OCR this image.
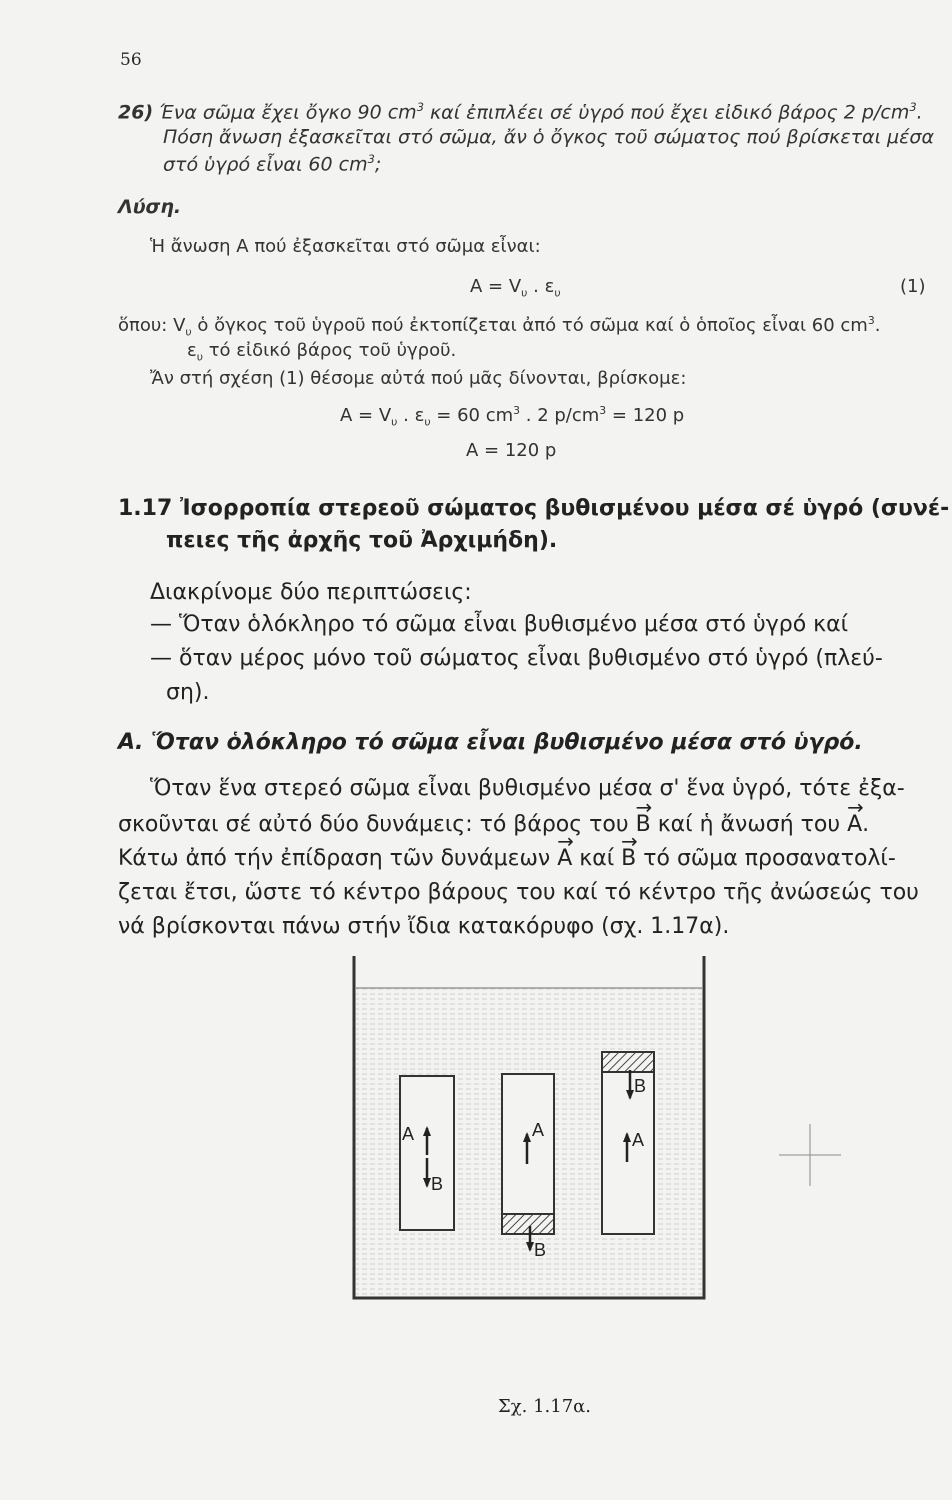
56
26) Ένα σῶμα ἔχει ὄγκο 90 $cm^3$ καί ἐπιπλέει σέ ὑγρό πού ἔχει εἰδικό βάρος 2 $p/cm^3$.
Πόση ἄνωση ἐξασκεῖται στό σῶμα, ἄν ὁ ὄγκος τοῦ σώματος πού βρίσκεται μέσα
στό ὑγρό εἶναι 60 $cm^3$;
Λύση.
Ἡ ἄνωση Α πού ἐξασκεῖται στό σῶμα εἶναι:
$A = V_\upsilon$ . $\varepsilon_\upsilon$	(1)
ὅπου: $V_\upsilon$ ὁ ὄγκος τοῦ ὑγροῦ πού ἐκτοπίζεται ἀπό τό σῶμα καί ὁ ὁποῖος εἶναι 60 $cm^3$.
$\varepsilon_\upsilon$ τό εἰδικό βάρος τοῦ ὑγροῦ.
Ἄν στή σχέση (1) θέσομε αὐτά πού μᾶς δίνονται, βρίσκομε:
$A = V_\upsilon$ . $\varepsilon_\upsilon = 60$ $cm^3$ . 2 $p/cm^3 = 120$ p
A = 120 p
1.17 Ἰσορροπία στερεοῦ σώματος βυθισμένου μέσα σέ ὑγρό (συνέ-
πειες τῆς ἀρχῆς τοῦ Ἀρχιμήδη).
Διακρίνομε δύο περιπτώσεις:
— Ὅταν ὁλόκληρο τό σῶμα εἶναι βυθισμένο μέσα στό ὑγρό καί
— ὅταν μέρος μόνο τοῦ σώματος εἶναι βυθισμένο στό ὑγρό (πλεύ-
ση).
Α. Ὅταν ὁλόκληρο τό σῶμα εἶναι βυθισμένο μέσα στό ὑγρό.
Ὅταν ἕνα στερεό σῶμα εἶναι βυθισμένο μέσα σ' ἕνα ὑγρό, τότε ἐξα-
σκοῦνται σέ αὐτό δύο δυνάμεις: τό βάρος του → B καί ἡ ἄνωσή του → A.
Κάτω ἀπό τήν ἐπίδραση τῶν δυνάμεων → A καί → B τό σῶμα προσανατολί-
ζεται ἔτσι, ὥστε τό κέντρο βάρους του καί τό κέντρο τῆς ἀνώσεώς του
νά βρίσκονται πάνω στήν ἴδια κατακόρυφο (σχ. 1.17α).
A
B
A
B
B
A
Σχ. 1.17α.
